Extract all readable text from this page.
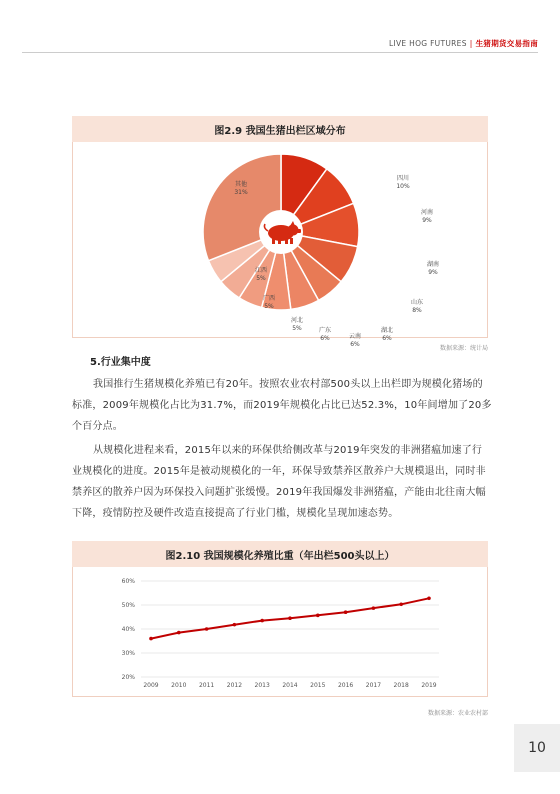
LIVE HOG FUTURES | 生猪期货交易指南
图2.9 我国生猪出栏区域分布
四川
10%
河南
9%
湖南
9%
山东
8%
湖北
6%
云南
6%
广东
6%
河北
5%
广西
5%
江西
5%
其他
31%
数据来源：统计局
5.行业集中度

我国推行生猪规模化养殖已有20年。按照农业农村部500头以上出栏即为规模化猪场的标准，2009年规模化占比为31.7%，而2019年规模化占比已达52.3%，10年间增加了20多个百分点。

从规模化进程来看，2015年以来的环保供给侧改革与2019年突发的非洲猪瘟加速了行业规模化的进度。2015年是被动规模化的一年，环保导致禁养区散养户大规模退出，同时非禁养区的散养户因为环保投入问题扩张缓慢。2019年我国爆发非洲猪瘟，产能由北往南大幅下降，疫情防控及硬件改造直接提高了行业门槛，规模化呈现加速态势。

图2.10 我国规模化养殖比重（年出栏500头以上）
20%
30%
40%
50%
60%
2009 2010 2011 2012 2013 2014 2015 2016 2017 2018 2019
数据来源：农业农村部
10
